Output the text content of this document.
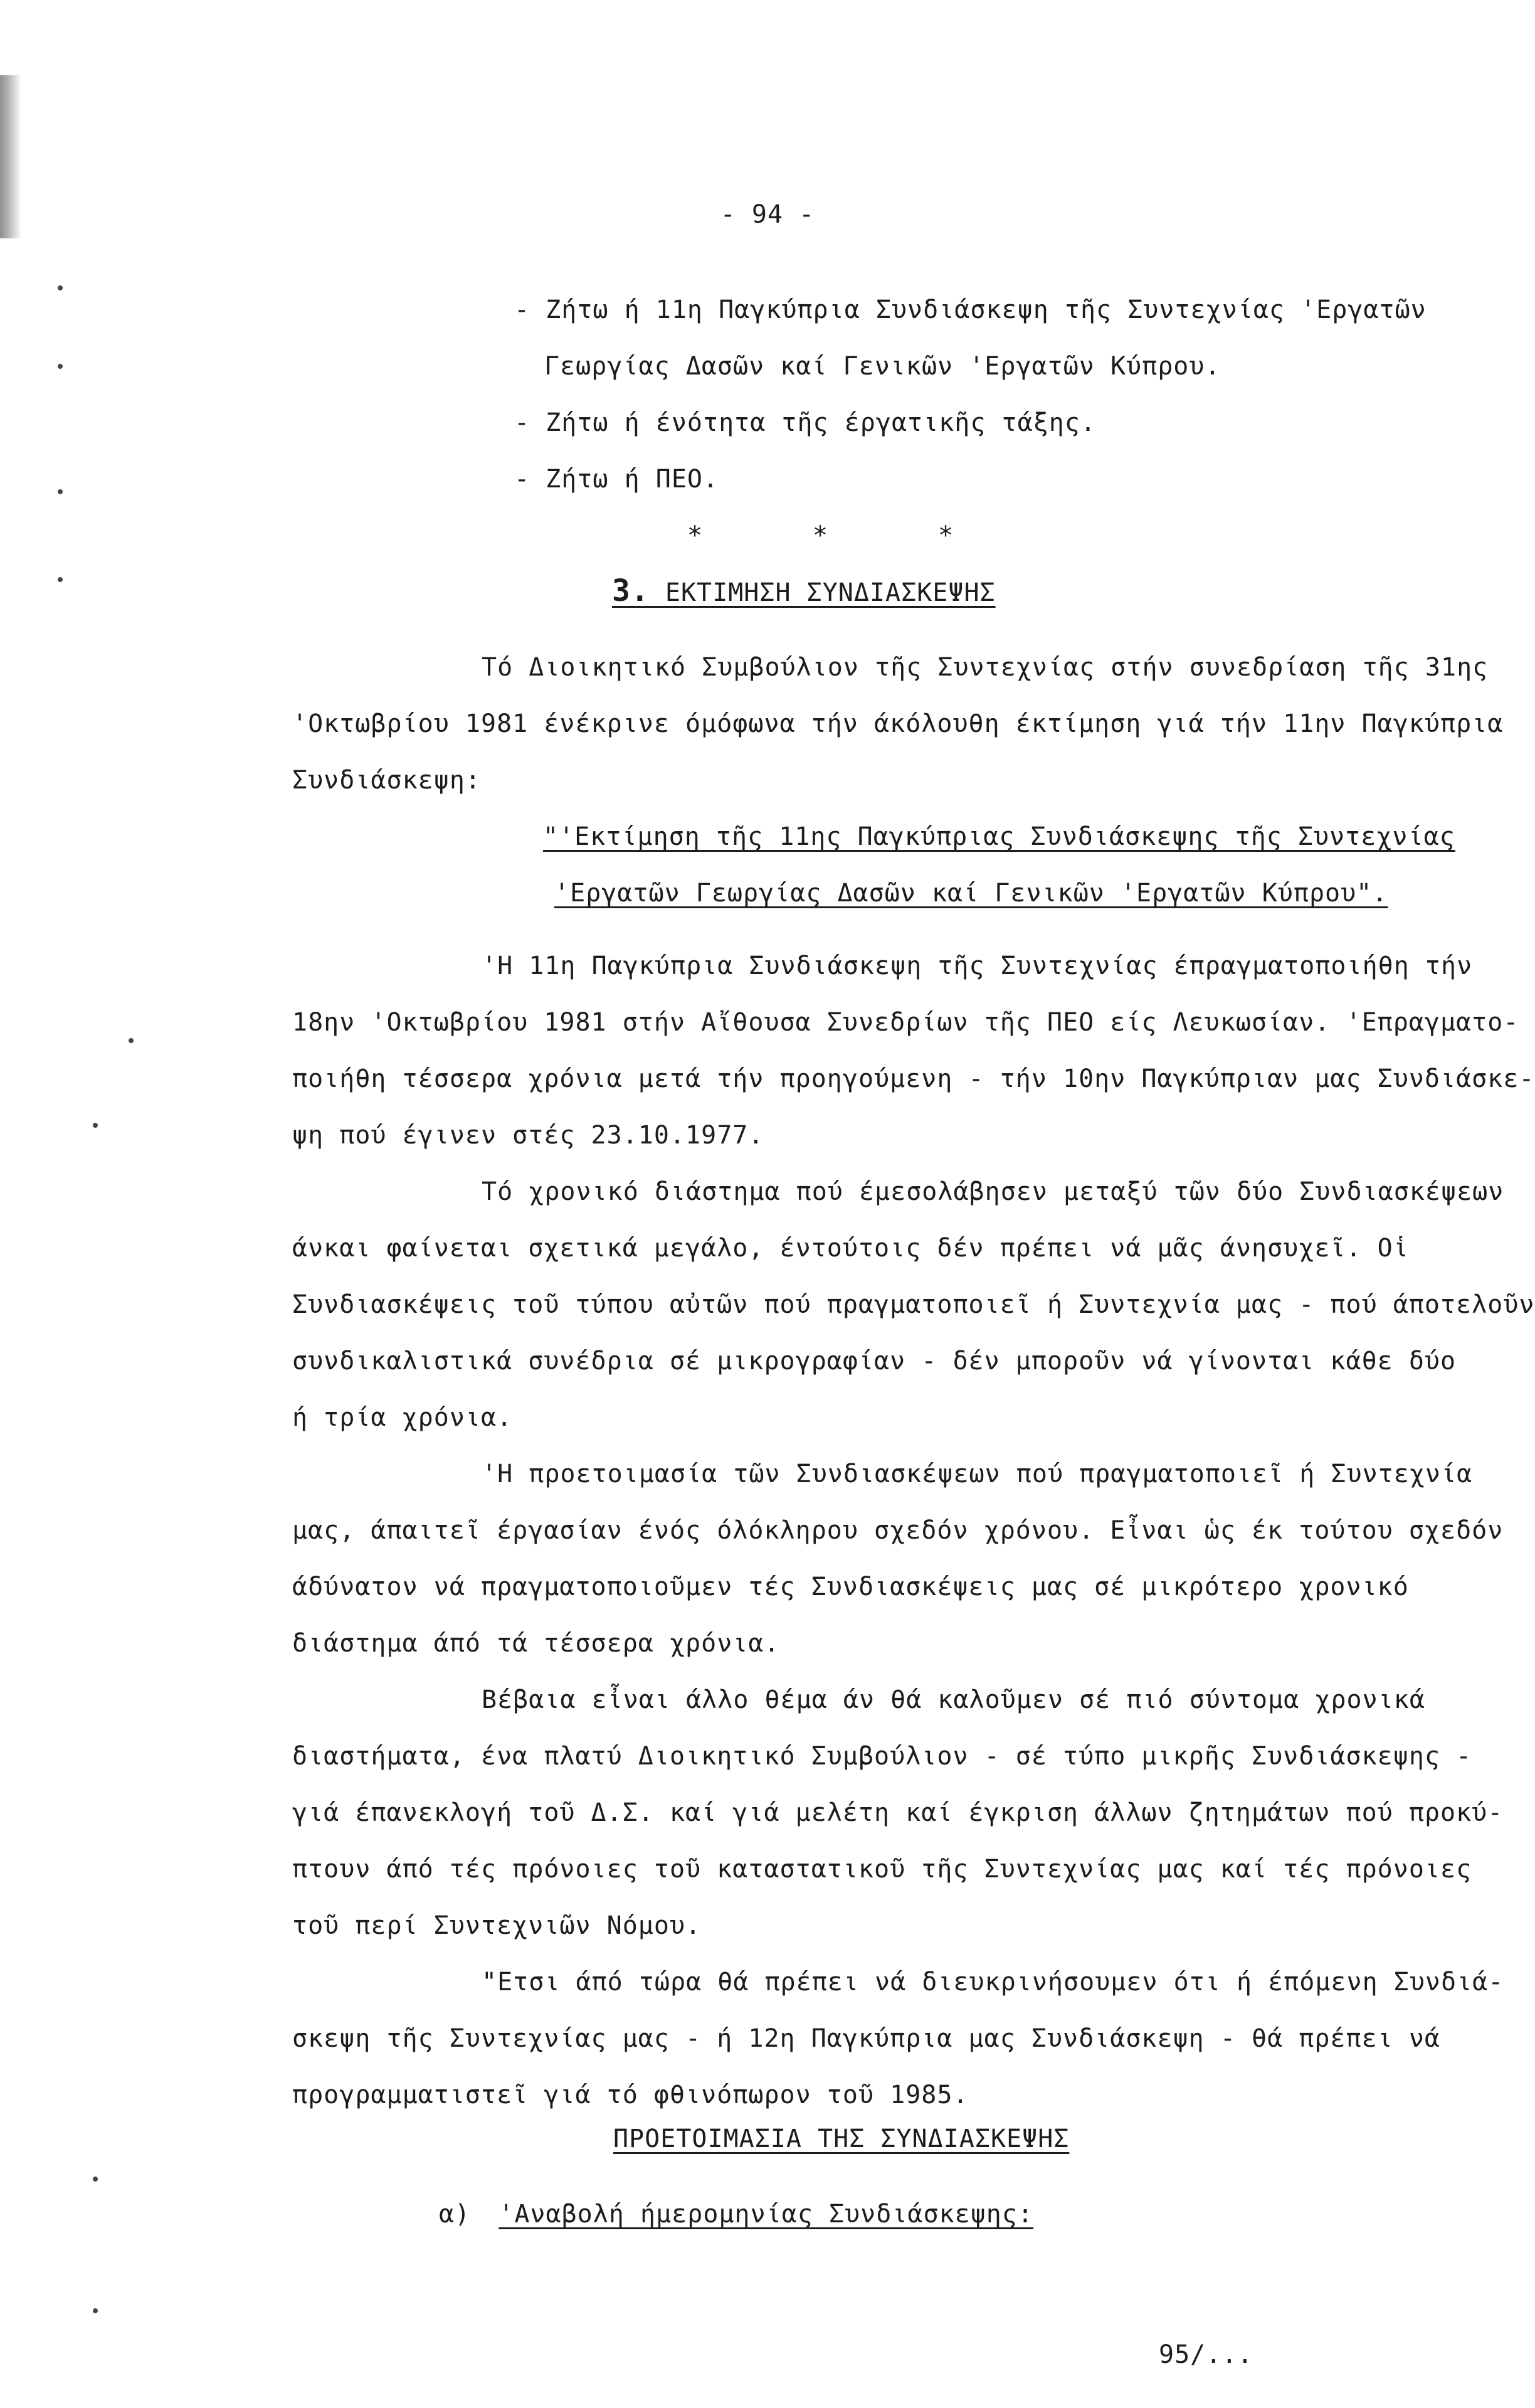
- 94 -
- Ζήτω ή 11η Παγκύπρια Συνδιάσκεψη τῆς Συντεχνίας 'Εργατῶν
Γεωργίας Δασῶν καί Γενικῶν 'Εργατῶν Κύπρου.
- Ζήτω ή ένότητα τῆς έργατικῆς τάξης.
- Ζήτω ή ΠΕΟ.
*	*	*
3. ΕΚΤΙΜΗΣΗ ΣΥΝΔΙΑΣΚΕΨΗΣ
Τό Διοικητικό Συμβούλιον τῆς Συντεχνίας στήν συνεδρίαση τῆς 31ης
'Οκτωβρίου 1981 ένέκρινε όμόφωνα τήν άκόλουθη έκτίμηση γιά τήν 11ην Παγκύπρια
Συνδιάσκεψη:
"'Εκτίμηση τῆς 11ης Παγκύπριας Συνδιάσκεψης τῆς Συντεχνίας
'Εργατῶν Γεωργίας Δασῶν καί Γενικῶν 'Εργατῶν Κύπρου".
'Η 11η Παγκύπρια Συνδιάσκεψη τῆς Συντεχνίας έπραγματοποιήθη τήν
18ην 'Οκτωβρίου 1981 στήν Αἴθουσα Συνεδρίων τῆς ΠΕΟ είς Λευκωσίαν. 'Επραγματο-
ποιήθη τέσσερα χρόνια μετά τήν προηγούμενη - τήν 10ην Παγκύπριαν μας Συνδιάσκε-
ψη πού έγινεν στές 23.10.1977.
Τό χρονικό διάστημα πού έμεσολάβησεν μεταξύ τῶν δύο Συνδιασκέψεων
άνκαι φαίνεται σχετικά μεγάλο, έντούτοις δέν πρέπει νά μᾶς άνησυχεῖ. Οἱ
Συνδιασκέψεις τοῦ τύπου αὐτῶν πού πραγματοποιεῖ ή Συντεχνία μας - πού άποτελοῦν
συνδικαλιστικά συνέδρια σέ μικρογραφίαν - δέν μποροῦν νά γίνονται κάθε δύο
ή τρία χρόνια.
'Η προετοιμασία τῶν Συνδιασκέψεων πού πραγματοποιεῖ ή Συντεχνία
μας, άπαιτεῖ έργασίαν ένός όλόκληρου σχεδόν χρόνου. Εἶναι ὡς έκ τούτου σχεδόν
άδύνατον νά πραγματοποιοῦμεν τές Συνδιασκέψεις μας σέ μικρότερο χρονικό
διάστημα άπό τά τέσσερα χρόνια.
Βέβαια εἶναι άλλο θέμα άν θά καλοῦμεν σέ πιό σύντομα χρονικά
διαστήματα, ένα πλατύ Διοικητικό Συμβούλιον - σέ τύπο μικρῆς Συνδιάσκεψης -
γιά έπανεκλογή τοῦ Δ.Σ. καί γιά μελέτη καί έγκριση άλλων ζητημάτων πού προκύ-
πτουν άπό τές πρόνοιες τοῦ καταστατικοῦ τῆς Συντεχνίας μας καί τές πρόνοιες
τοῦ περί Συντεχνιῶν Νόμου.
"Ετσι άπό τώρα θά πρέπει νά διευκρινήσουμεν ότι ή έπόμενη Συνδιά-
σκεψη τῆς Συντεχνίας μας - ή 12η Παγκύπρια μας Συνδιάσκεψη - θά πρέπει νά
προγραμματιστεῖ γιά τό φθινόπωρον τοῦ 1985.
ΠΡΟΕΤΟΙΜΑΣΙΑ ΤΗΣ ΣΥΝΔΙΑΣΚΕΨΗΣ
α) 'Αναβολή ήμερομηνίας Συνδιάσκεψης:
95/...
